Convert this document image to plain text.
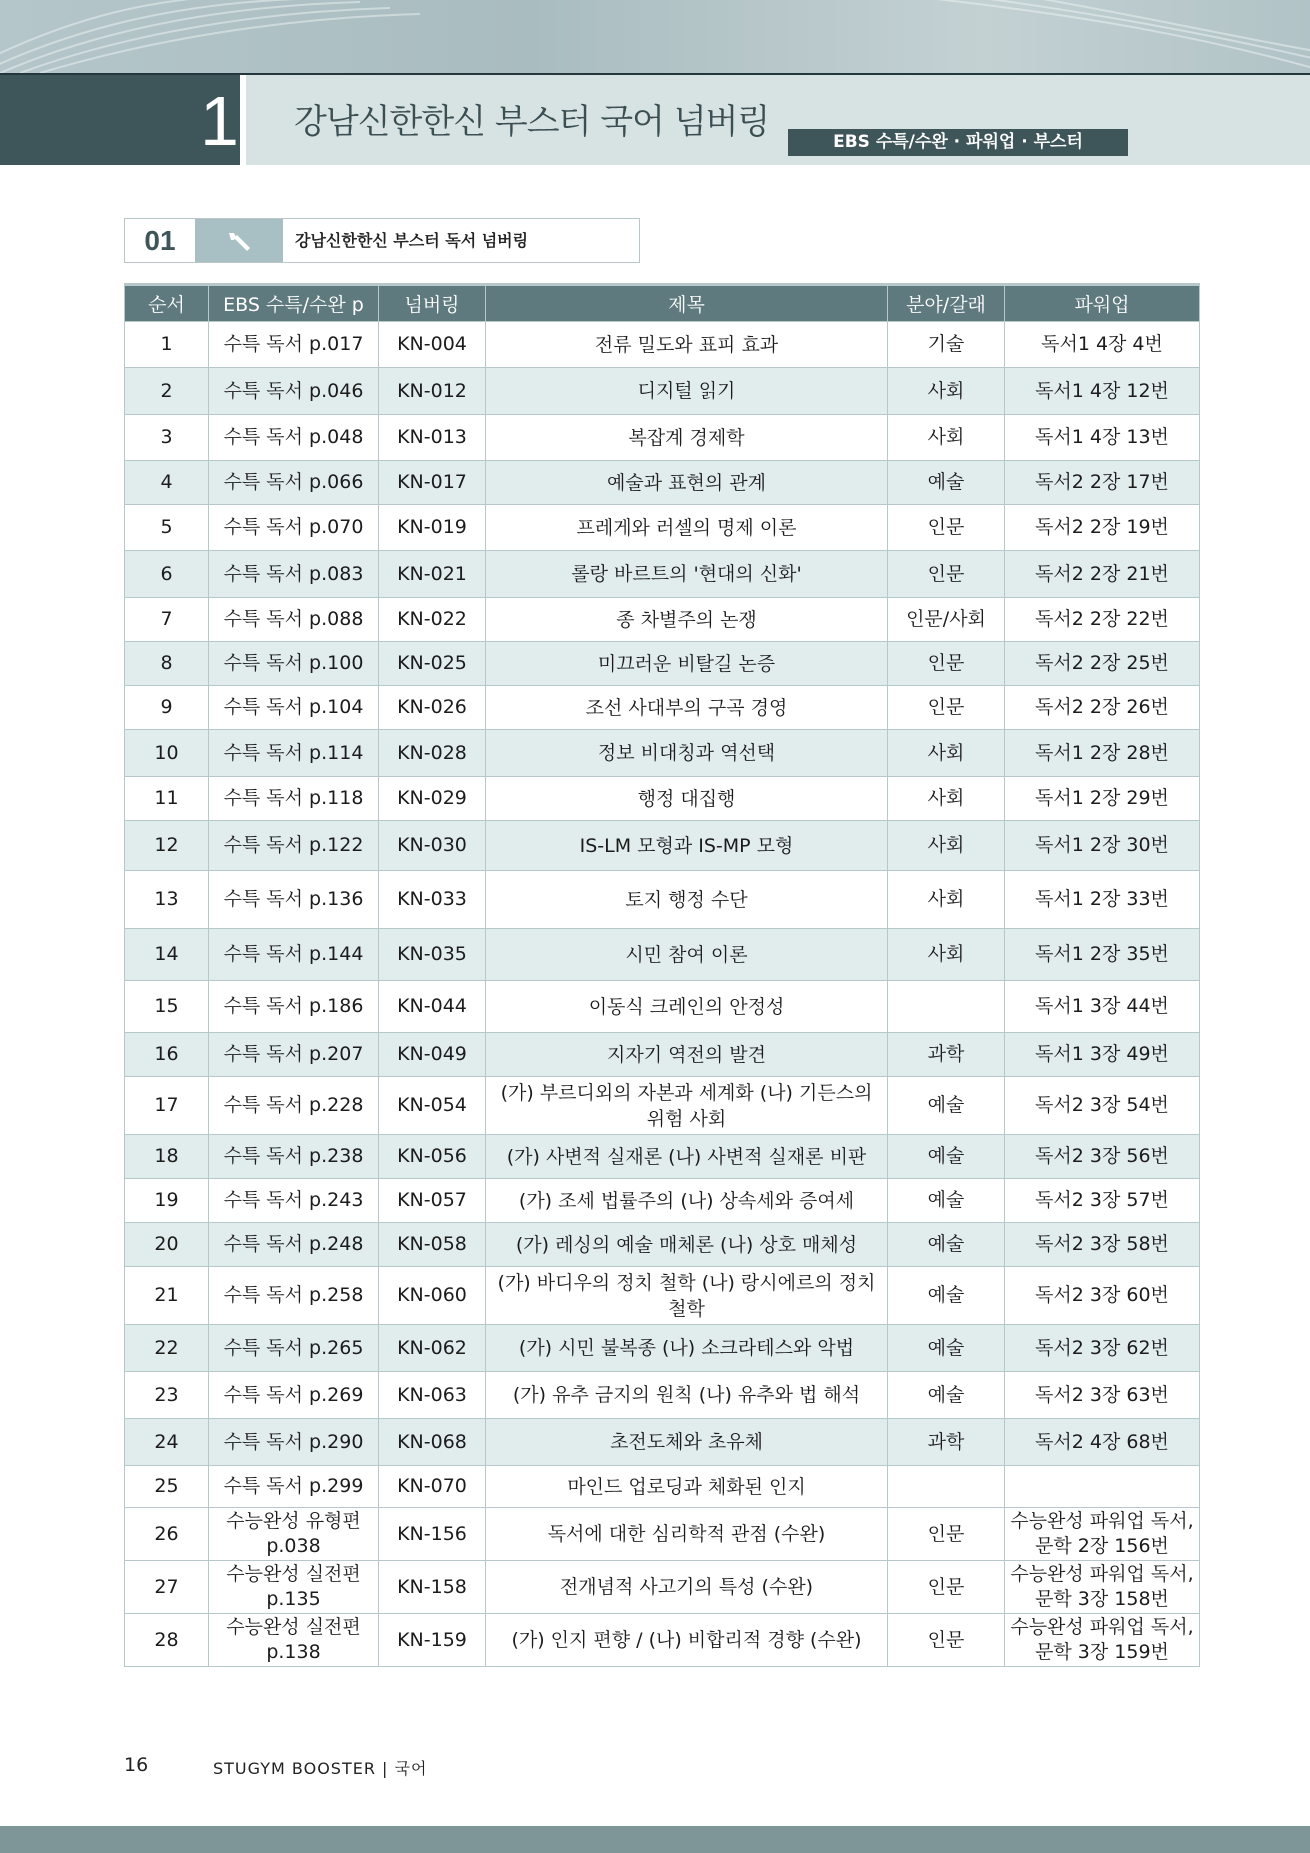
1 강남신한한신 부스터 국어 넘버링	EBS 수특/수완 · 파워업 · 부스터
01	강남신한한신 부스터 독서 넘버링
순서	EBS 수특/수완 p	넘버링	제목	분야/갈래	파워업
1	수특 독서 p.017	KN-004	전류 밀도와 표피 효과	기술	독서1 4장 4번
2	수특 독서 p.046	KN-012	디지털 읽기	사회	독서1 4장 12번
3	수특 독서 p.048	KN-013	복잡계 경제학	사회	독서1 4장 13번
4	수특 독서 p.066	KN-017	예술과 표현의 관계	예술	독서2 2장 17번
5	수특 독서 p.070	KN-019	프레게와 러셀의 명제 이론	인문	독서2 2장 19번
6	수특 독서 p.083	KN-021	롤랑 바르트의 '현대의 신화'	인문	독서2 2장 21번
7	수특 독서 p.088	KN-022	종 차별주의 논쟁	인문/사회	독서2 2장 22번
8	수특 독서 p.100	KN-025	미끄러운 비탈길 논증	인문	독서2 2장 25번
9	수특 독서 p.104	KN-026	조선 사대부의 구곡 경영	인문	독서2 2장 26번
10	수특 독서 p.114	KN-028	정보 비대칭과 역선택	사회	독서1 2장 28번
11	수특 독서 p.118	KN-029	행정 대집행	사회	독서1 2장 29번
12	수특 독서 p.122	KN-030	IS-LM 모형과 IS-MP 모형	사회	독서1 2장 30번
13	수특 독서 p.136	KN-033	토지 행정 수단	사회	독서1 2장 33번
14	수특 독서 p.144	KN-035	시민 참여 이론	사회	독서1 2장 35번
15	수특 독서 p.186	KN-044	이동식 크레인의 안정성		독서1 3장 44번
16	수특 독서 p.207	KN-049	지자기 역전의 발견	과학	독서1 3장 49번
17	수특 독서 p.228	KN-054	(가) 부르디외의 자본과 세계화 (나) 기든스의 위험 사회	예술	독서2 3장 54번
18	수특 독서 p.238	KN-056	(가) 사변적 실재론 (나) 사변적 실재론 비판	예술	독서2 3장 56번
19	수특 독서 p.243	KN-057	(가) 조세 법률주의 (나) 상속세와 증여세	예술	독서2 3장 57번
20	수특 독서 p.248	KN-058	(가) 레싱의 예술 매체론 (나) 상호 매체성	예술	독서2 3장 58번
21	수특 독서 p.258	KN-060	(가) 바디우의 정치 철학 (나) 랑시에르의 정치 철학	예술	독서2 3장 60번
22	수특 독서 p.265	KN-062	(가) 시민 불복종 (나) 소크라테스와 악법	예술	독서2 3장 62번
23	수특 독서 p.269	KN-063	(가) 유추 금지의 원칙 (나) 유추와 법 해석	예술	독서2 3장 63번
24	수특 독서 p.290	KN-068	초전도체와 초유체	과학	독서2 4장 68번
25	수특 독서 p.299	KN-070	마인드 업로딩과 체화된 인지		
26	수능완성 유형편 p.038	KN-156	독서에 대한 심리학적 관점 (수완)	인문	수능완성 파워업 독서, 문학 2장 156번
27	수능완성 실전편 p.135	KN-158	전개념적 사고기의 특성 (수완)	인문	수능완성 파워업 독서, 문학 3장 158번
28	수능완성 실전편 p.138	KN-159	(가) 인지 편향 / (나) 비합리적 경향 (수완)	인문	수능완성 파워업 독서, 문학 3장 159번
16	STUGYM BOOSTER | 국어
